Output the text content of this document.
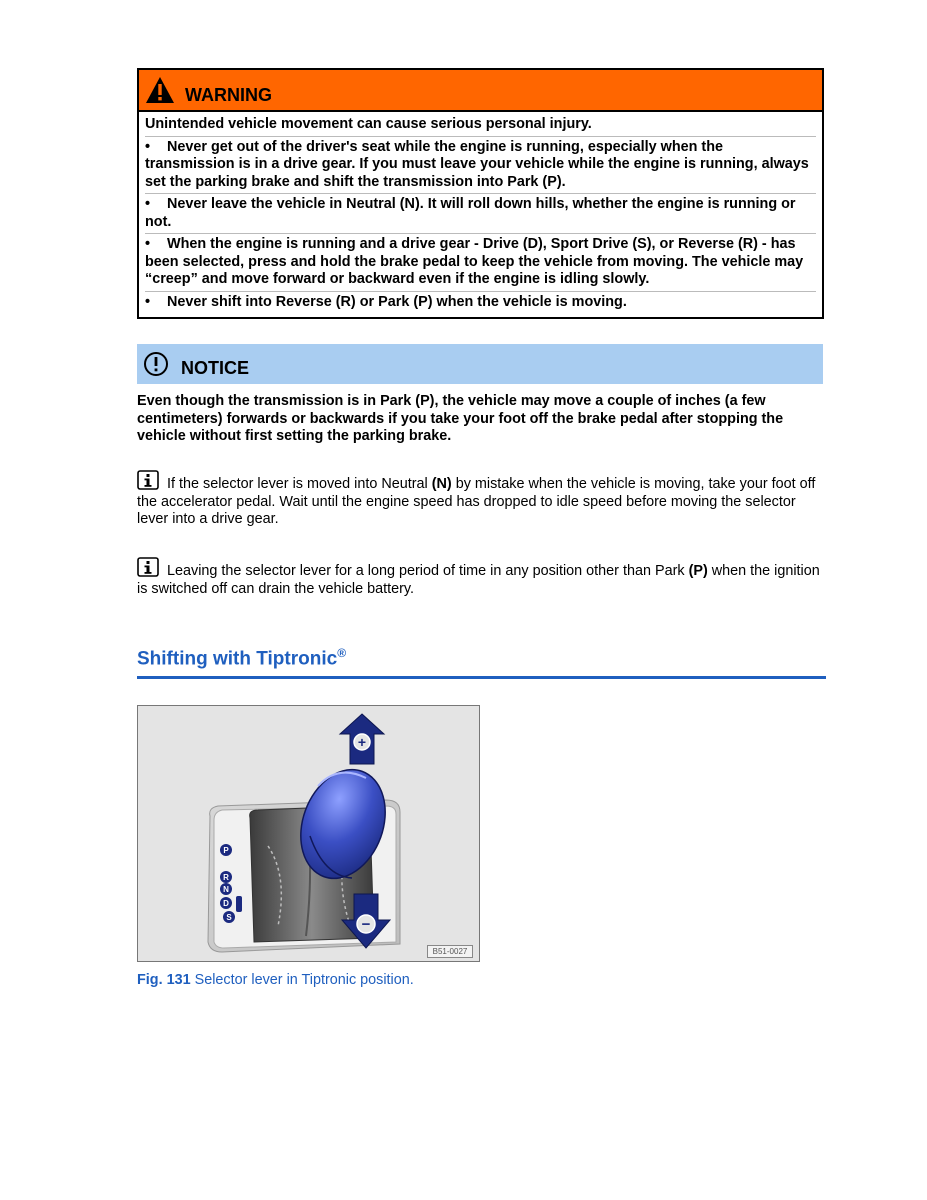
WARNING

Unintended vehicle movement can cause serious personal injury.

• Never get out of the driver's seat while the engine is running, especially when the transmission is in a drive gear. If you must leave your vehicle while the engine is running, always set the parking brake and shift the transmission into Park (P).

• Never leave the vehicle in Neutral (N). It will roll down hills, whether the engine is running or not.

• When the engine is running and a drive gear - Drive (D), Sport Drive (S), or Reverse (R) - has been selected, press and hold the brake pedal to keep the vehicle from moving. The vehicle may “creep” and move forward or backward even if the engine is idling slowly.

• Never shift into Reverse (R) or Park (P) when the vehicle is moving.

NOTICE

Even though the transmission is in Park (P), the vehicle may move a couple of inches (a few centimeters) forwards or backwards if you take your foot off the brake pedal after stopping the vehicle without first setting the parking brake.

If the selector lever is moved into Neutral (N) by mistake when the vehicle is moving, take your foot off the accelerator pedal. Wait until the engine speed has dropped to idle speed before moving the selector lever into a drive gear.

Leaving the selector lever for a long period of time in any position other than Park (P) when the ignition is switched off can drain the vehicle battery.

Shifting with Tiptronic®
P
R
N
D
S
+
−
B51-0027

Fig. 131 Selector lever in Tiptronic position.
